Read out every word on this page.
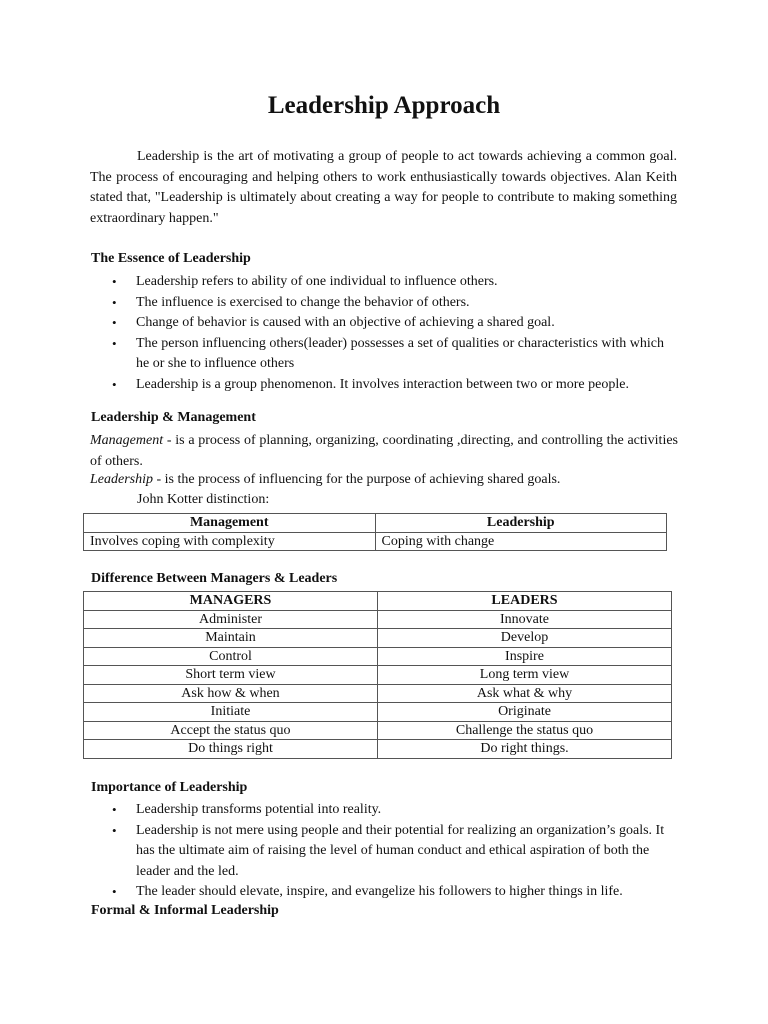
Leadership Approach

Leadership is the art of motivating a group of people to act towards achieving a common goal. The process of encouraging and helping others to work enthusiastically towards objectives. Alan Keith stated that, "Leadership is ultimately about creating a way for people to contribute to making something extraordinary happen."

The Essence of Leadership

• Leadership refers to ability of one individual to influence others.
• The influence is exercised to change the behavior of others.
• Change of behavior is caused with an objective of achieving a shared goal.
• The person influencing others(leader) possesses a set of qualities or characteristics with which he or she to influence others
• Leadership is a group phenomenon. It involves interaction between two or more people.

Leadership & Management

Management - is a process of planning, organizing, coordinating ,directing, and controlling the activities of others.

Leadership - is the process of influencing for the purpose of achieving shared goals.

John Kotter distinction:

Management	Leadership
Involves coping with complexity	Coping with change

Difference Between Managers & Leaders

MANAGERS	LEADERS
Administer	Innovate
Maintain	Develop
Control	Inspire
Short term view	Long term view
Ask how & when	Ask what & why
Initiate	Originate
Accept the status quo	Challenge the status quo
Do things right	Do right things.

Importance of Leadership

• Leadership transforms potential into reality.
• Leadership is not mere using people and their potential for realizing an organization’s goals. It has the ultimate aim of raising the level of human conduct and ethical aspiration of both the leader and the led.
• The leader should elevate, inspire, and evangelize his followers to higher things in life.

Formal & Informal Leadership
